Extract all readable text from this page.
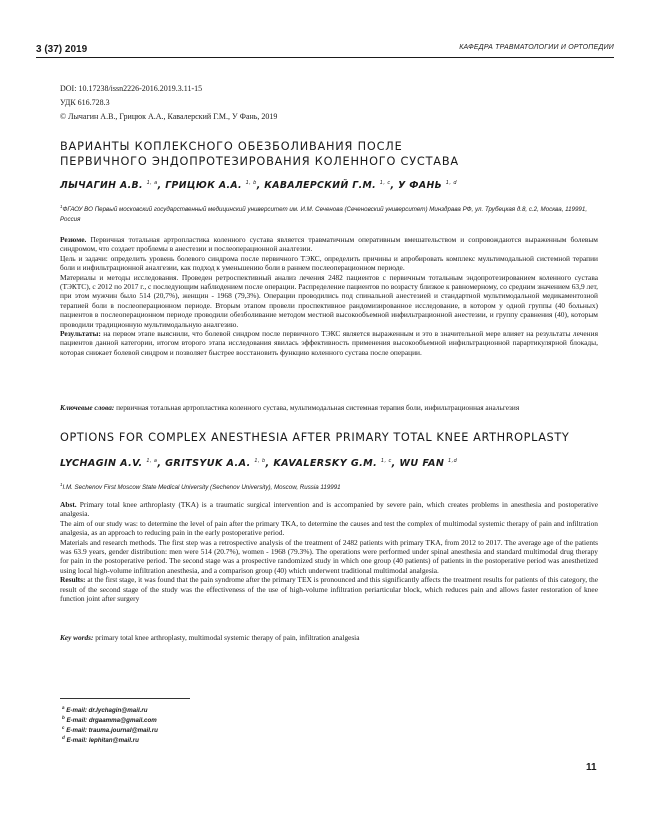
3 (37) 2019	КАФЕДРА ТРАВМАТОЛОГИИ И ОРТОПЕДИИ
DOI: 10.17238/issn2226-2016.2019.3.11-15
УДК 616.728.3
© Лычагин А.В., Грицюк А.А., Кавалерский Г.М., У Фань, 2019
ВАРИАНТЫ КОПЛЕКСНОГО ОБЕЗБОЛИВАНИЯ ПОСЛЕ
ПЕРВИЧНОГО ЭНДОПРОТЕЗИРОВАНИЯ КОЛЕННОГО СУСТАВА
ЛЫЧАГИН А.В. $^{1, a}$, ГРИЦЮК А.А. $^{1, b}$, КАВАЛЕРСКИЙ Г.М. $^{1, c}$, У ФАНЬ $^{1, d}$
$^1$ФГАОУ ВО Первый московский государственный медицинский университет им. И.М. Сеченова (Сеченовский университет) Минздрава РФ, ул. Трубецкая д.8, с.2, Москва, 119991, Россия

Резюме. Первичная тотальная артропластика коленного сустава является травматичным оперативным вмешательством и сопровождаются выраженным болевым синдромом, что создает проблемы в анестезии и послеоперационной аналгезии.

Цель и задачи: определить уровень болевого синдрома после первичного ТЭКС, определить причины и апробировать комплекс мультимодальной системной терапии боли и инфильтрационной аналгезии, как подход к уменьшению боли в раннем послеоперационном периоде.

Материалы и методы исследования. Проведен ретроспективный анализ лечения 2482 пациентов с первичным тотальным эндопротезированием коленного сустава (ТЭКТС), с 2012 по 2017 г., с последующим наблюдением после операции. Распределение пациентов по возрасту близкое к равномерному, со средним значением 63,9 лет, при этом мужчин было 514 (20,7%), женщин - 1968 (79,3%). Операции проводились под спинальной анестезией и стандартной мультимодальной медикаментозной терапией боли в послеоперационном периоде. Вторым этапом провели проспективное рандомизированное исследование, в котором у одной группы (40 больных) пациентов в послеоперационном периоде проводили обезболивание методом местной высокообъемной инфильтрационной анестезии, и группу сравнения (40), которым проводили традиционную мультимодальную аналгезию.

Результаты: на первом этапе выяснили, что болевой синдром после первичного ТЭКС является выраженным и это в значительной мере влияет на результаты лечения пациентов данной категории, итогом второго этапа исследования явилась эффективность применения высокообъемной инфильтрационной парартикулярной блокады, которая снижает болевой синдром и позволяет быстрее восстановить функцию коленного сустава после операции.

Ключевые слова: первичная тотальная артропластика коленного сустава, мультимодальная системная терапия боли, инфильтрационная анальгезия
OPTIONS FOR COMPLEX ANESTHESIA AFTER PRIMARY TOTAL KNEE ARTHROPLASTY
LYCHAGIN A.V. $^{1, a}$, GRITSYUK A.A. $^{1, b}$, KAVALERSKY G.M. $^{1, c}$, WU FAN $^{1,d}$
$^1$I.M. Sechenov First Moscow State Medical University (Sechenov University), Moscow, Russia 119991

Abst. Primary total knee arthroplasty (TKA) is a traumatic surgical intervention and is accompanied by severe pain, which creates problems in anesthesia and postoperative analgesia.

The aim of our study was: to determine the level of pain after the primary TKA, to determine the causes and test the complex of multimodal systemic therapy of pain and infiltration analgesia, as an approach to reducing pain in the early postoperative period.

Materials and research methods. The first step was a retrospective analysis of the treatment of 2482 patients with primary TKA, from 2012 to 2017. The average age of the patients was 63.9 years, gender distribution: men were 514 (20.7%), women - 1968 (79.3%). The operations were performed under spinal anesthesia and standard multimodal drug therapy for pain in the postoperative period. The second stage was a prospective randomized study in which one group (40 patients) of patients in the postoperative period was anesthetized using local high-volume infiltration anesthesia, and a comparison group (40) which underwent traditional multimodal analgesia.

Results: at the first stage, it was found that the pain syndrome after the primary TEX is pronounced and this significantly affects the treatment results for patients of this category, the result of the second stage of the study was the effectiveness of the use of high-volume infiltration periarticular block, which reduces pain and allows faster restoration of knee function joint after surgery

Key words: primary total knee arthroplasty, multimodal systemic therapy of pain, infiltration analgesia
$^a$ E-mail: dr.lychagin@mail.ru
$^b$ E-mail: drgaamma@gmail.com
$^c$ E-mail: trauma.journal@mail.ru
$^d$ E-mail: lephitan@mail.ru
11
